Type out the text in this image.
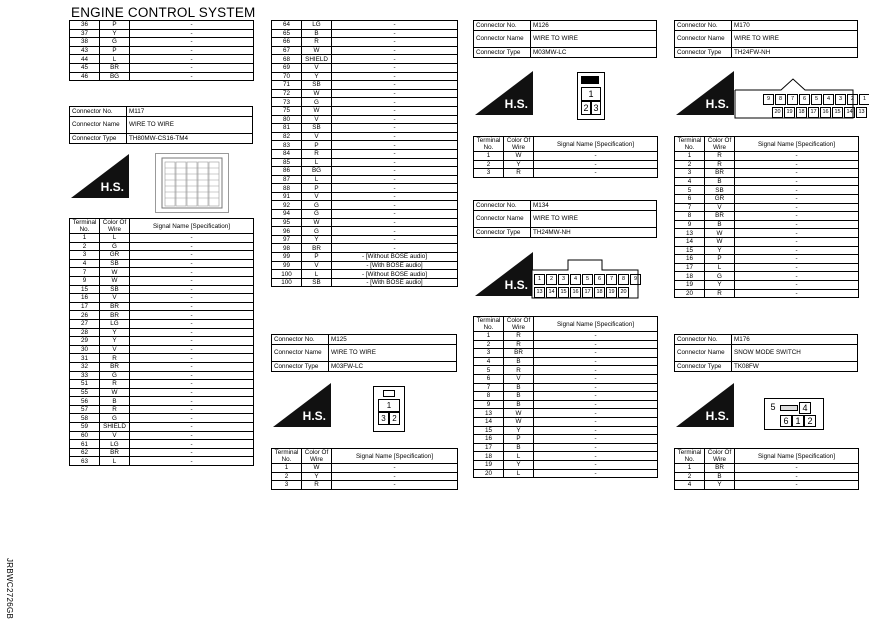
ENGINE CONTROL SYSTEM
JRBWC2726GB
36	P	-
37	Y	-
38	G	-
43	P	-
44	L	-
45	BR	-
46	BG	-
Connector No.	M117
Connector Name	WIRE TO WIRE
Connector Type	TH80MW-CS16-TM4
H.S.
Terminal No.	Color Of Wire	Signal Name [Specification]
1	L	-
2	G	-
3	GR	-
4	SB	-
7	W	-
9	W	-
15	SB	-
16	V	-
17	BR	-
26	BR	-
27	LG	-
28	Y	-
29	Y	-
30	V	-
31	R	-
32	BR	-
33	G	-
51	R	-
55	W	-
56	B	-
57	R	-
58	G	-
59	SHIELD	-
60	V	-
61	LG	-
62	BR	-
63	L	-
64	LG	-
65	B	-
66	R	-
67	W	-
68	SHIELD	-
69	V	-
70	Y	-
71	SB	-
72	W	-
73	G	-
75	W	-
80	V	-
81	SB	-
82	V	-
83	P	-
84	R	-
85	L	-
86	BG	-
87	L	-
88	P	-
91	V	-
92	G	-
94	G	-
95	W	-
96	G	-
97	Y	-
98	BR	-
99	P	- [Without BOSE audio]
99	V	- [With BOSE audio]
100	L	- [Without BOSE audio]
100	SB	- [With BOSE audio]
Connector No.	M125
Connector Name	WIRE TO WIRE
Connector Type	M03FW-LC
H.S.
1
3 2
Terminal No.	Color Of Wire	Signal Name [Specification]
1	W	-
2	Y	-
3	R	-
Connector No.	M126
Connector Name	WIRE TO WIRE
Connector Type	M03MW-LC
H.S.
1
2 3
Terminal No.	Color Of Wire	Signal Name [Specification]
1	W	-
2	Y	-
3	R	-
Connector No.	M134
Connector Name	WIRE TO WIRE
Connector Type	TH24MW-NH
H.S.	1	2	3	4	5	6	7	8	9
13	14	15	16	17	18	19	20
Terminal No.	Color Of Wire	Signal Name [Specification]
1	R	-
2	R	-
3	BR	-
4	B	-
5	R	-
6	V	-
7	B	-
8	B	-
9	B	-
13	W	-
14	W	-
15	Y	-
16	P	-
17	B	-
18	L	-
19	Y	-
20	L	-
Connector No.	M170
Connector Name	WIRE TO WIRE
Connector Type	TH24FW-NH
H.S.	9	8	7	6	5	4	3	2	1
20	19	18	17	16	15	14	13
Terminal No.	Color Of Wire	Signal Name [Specification]
1	R	-
2	R	-
3	BR	-
4	B	-
5	SB	-
6	GR	-
7	V	-
8	BR	-
9	B	-
13	W	-
14	W	-
15	Y	-
16	P	-
17	L	-
18	G	-
19	Y	-
20	R	-
Connector No.	M176
Connector Name	SNOW MODE SWITCH
Connector Type	TK08FW
H.S.
5	4
6 1 2
Terminal No.	Color Of Wire	Signal Name [Specification]
1	BR	-
2	B	-
4	Y	-
